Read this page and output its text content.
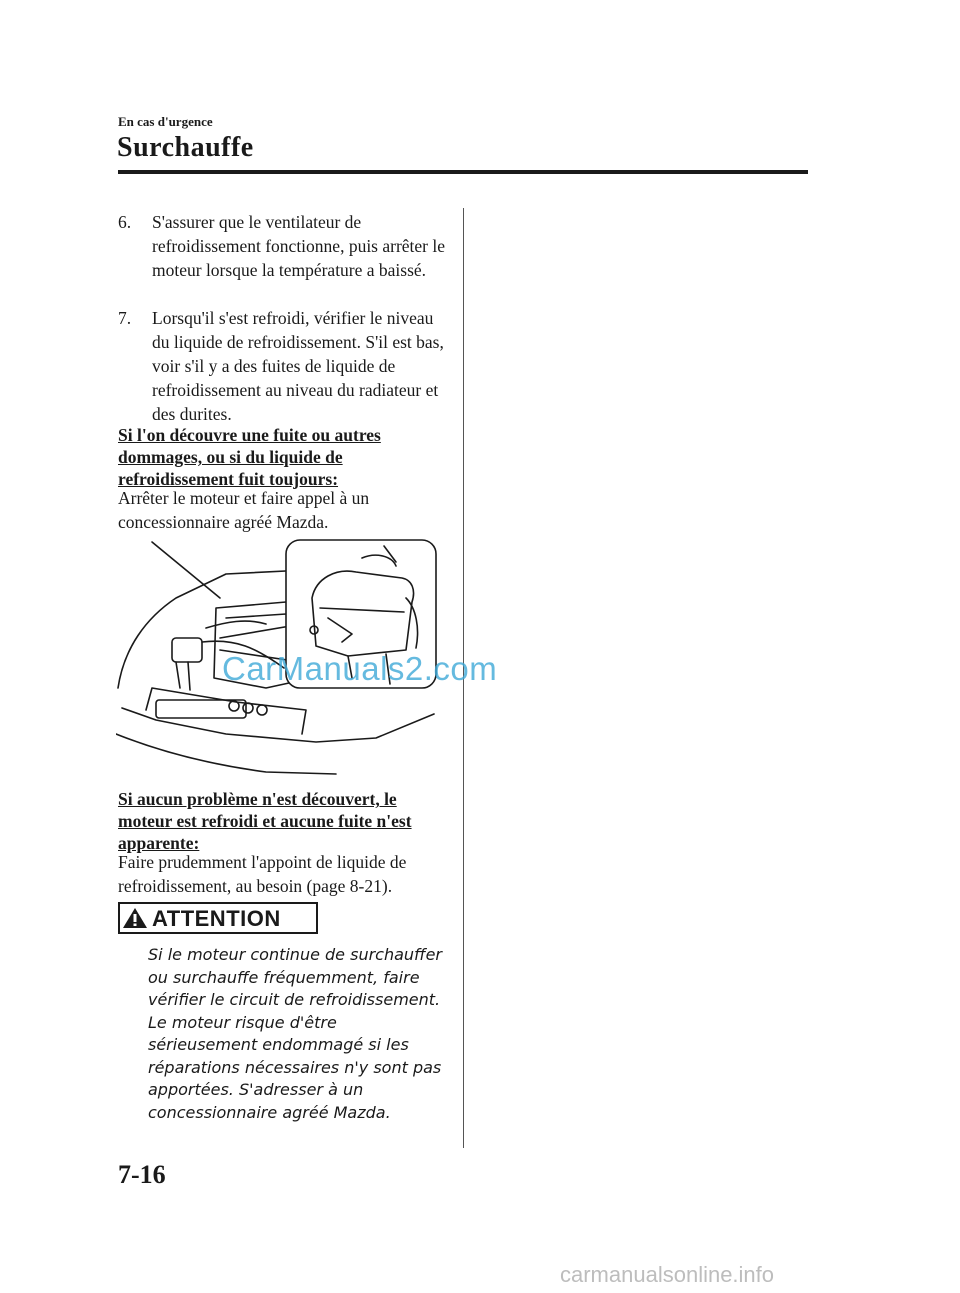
En cas d'urgence
Surchauffe
6. S'assurer que le ventilateur de refroidissement fonctionne, puis arrêter le moteur lorsque la température a baissé.
7. Lorsqu'il s'est refroidi, vérifier le niveau du liquide de refroidissement. S'il est bas, voir s'il y a des fuites de liquide de refroidissement au niveau du radiateur et des durites.
Si l'on découvre une fuite ou autres dommages, ou si du liquide de refroidissement fuit toujours:
Arrêter le moteur et faire appel à un concessionnaire agréé Mazda.
CarManuals2.com
Si aucun problème n'est découvert, le moteur est refroidi et aucune fuite n'est apparente:
Faire prudemment l'appoint de liquide de refroidissement, au besoin (page 8-21).
ATTENTION
Si le moteur continue de surchauffer ou surchauffe fréquemment, faire vérifier le circuit de refroidissement. Le moteur risque d'être sérieusement endommagé si les réparations nécessaires n'y sont pas apportées. S'adresser à un concessionnaire agréé Mazda.
7-16
carmanualsonline.info
